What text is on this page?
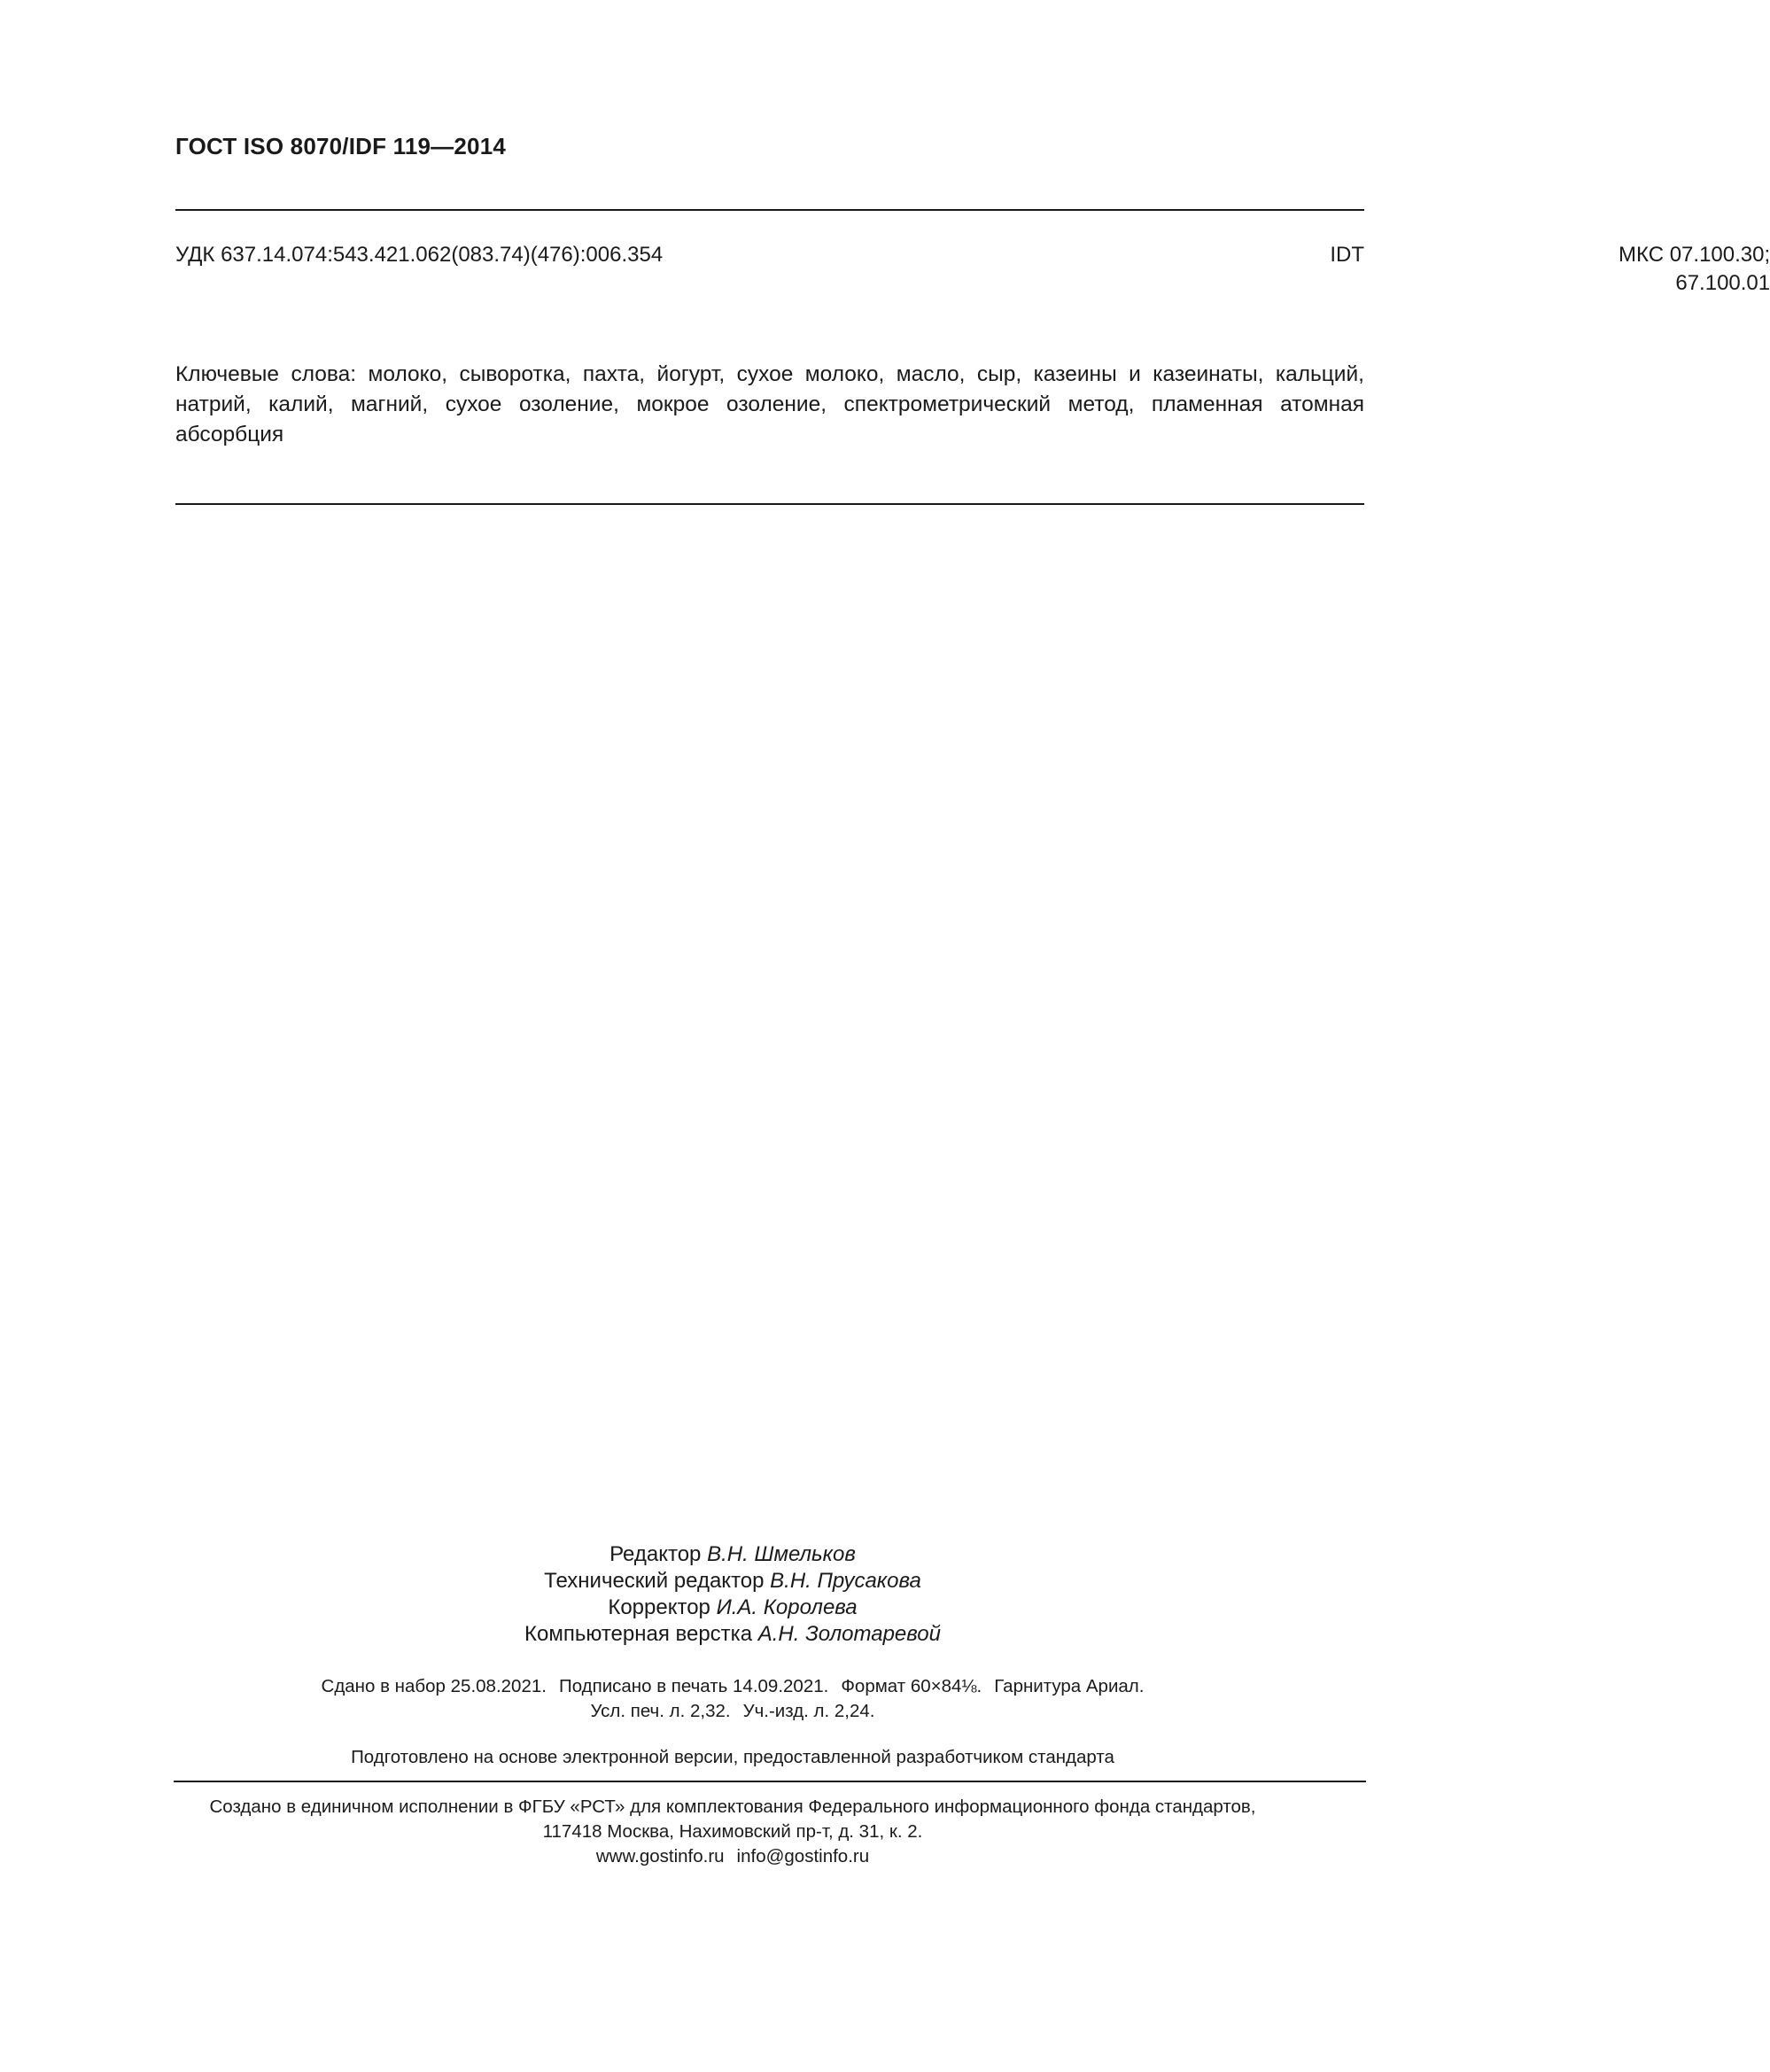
ГОСТ ISO 8070/IDF 119—2014
УДК 637.14.074:543.421.062(083.74)(476):006.354	МКС 07.100.30;
67.100.01
IDT
Ключевые слова: молоко, сыворотка, пахта, йогурт, сухое молоко, масло, сыр, казеины и казеинаты, кальций, натрий, калий, магний, сухое озоление, мокрое озоление, спектрометрический метод, пламенная атомная абсорбция
Редактор В.Н. Шмельков
Технический редактор В.Н. Прусакова
Корректор И.А. Королева
Компьютерная верстка А.Н. Золотаревой
Сдано в набор 25.08.2021. Подписано в печать 14.09.2021. Формат 60×84⅛. Гарнитура Ариал.
Усл. печ. л. 2,32. Уч.-изд. л. 2,24.
Подготовлено на основе электронной версии, предоставленной разработчиком стандарта
Создано в единичном исполнении в ФГБУ «РСТ» для комплектования Федерального информационного фонда стандартов,
117418 Москва, Нахимовский пр-т, д. 31, к. 2.
www.gostinfo.ru info@gostinfo.ru
